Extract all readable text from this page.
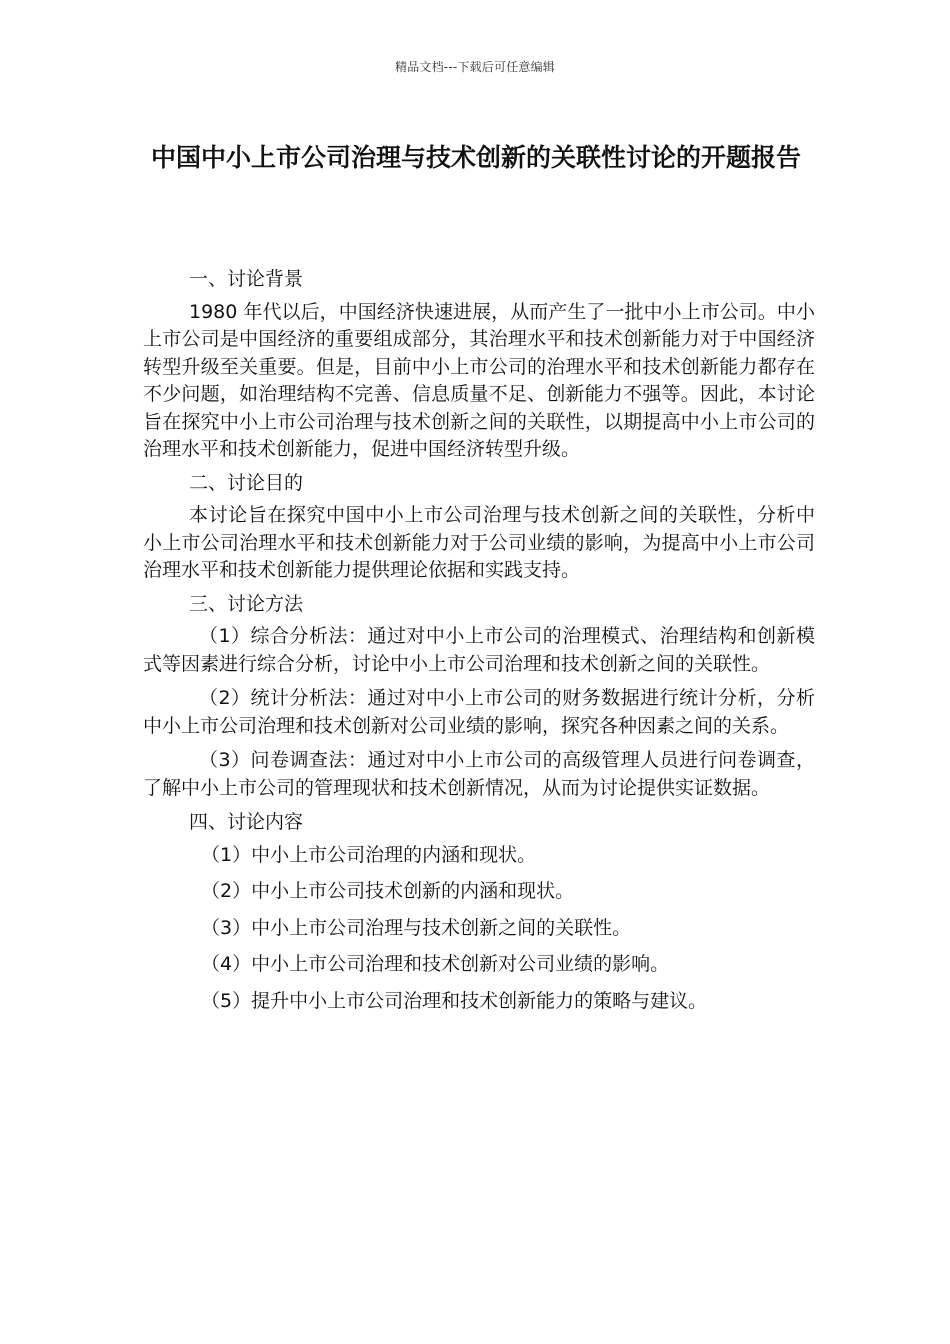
精品文档---下载后可任意编辑
中国中小上市公司治理与技术创新的关联性讨论的开题报告

一、讨论背景

1980 年代以后，中国经济快速进展，从而产生了一批中小上市公司。中小上市公司是中国经济的重要组成部分，其治理水平和技术创新能力对于中国经济转型升级至关重要。但是，目前中小上市公司的治理水平和技术创新能力都存在不少问题，如治理结构不完善、信息质量不足、创新能力不强等。因此，本讨论旨在探究中小上市公司治理与技术创新之间的关联性，以期提高中小上市公司的治理水平和技术创新能力，促进中国经济转型升级。

二、讨论目的

本讨论旨在探究中国中小上市公司治理与技术创新之间的关联性，分析中小上市公司治理水平和技术创新能力对于公司业绩的影响，为提高中小上市公司治理水平和技术创新能力提供理论依据和实践支持。

三、讨论方法

（1）综合分析法：通过对中小上市公司的治理模式、治理结构和创新模式等因素进行综合分析，讨论中小上市公司治理和技术创新之间的关联性。

（2）统计分析法：通过对中小上市公司的财务数据进行统计分析，分析中小上市公司治理和技术创新对公司业绩的影响，探究各种因素之间的关系。

（3）问卷调查法：通过对中小上市公司的高级管理人员进行问卷调查，了解中小上市公司的管理现状和技术创新情况，从而为讨论提供实证数据。

四、讨论内容

（1）中小上市公司治理的内涵和现状。

（2）中小上市公司技术创新的内涵和现状。

（3）中小上市公司治理与技术创新之间的关联性。

（4）中小上市公司治理和技术创新对公司业绩的影响。

（5）提升中小上市公司治理和技术创新能力的策略与建议。
